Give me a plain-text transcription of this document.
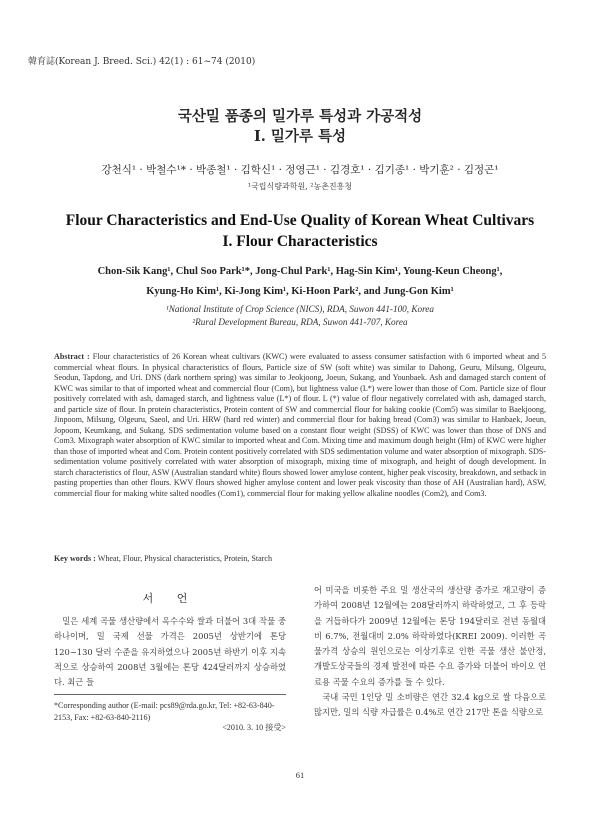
韓育誌(Korean J. Breed. Sci.) 42(1) : 61~74 (2010)
국산밀 품종의 밀가루 특성과 가공적성
I. 밀가루 특성
강천식¹ · 박철수¹* · 박종철¹ · 김학신¹ · 정영근¹ · 김경호¹ · 김기종¹ · 박기훈² · 김정곤¹
¹국립식량과학원, ²농촌진흥청
Flour Characteristics and End-Use Quality of Korean Wheat Cultivars
I. Flour Characteristics
Chon-Sik Kang¹, Chul Soo Park¹*, Jong-Chul Park¹, Hag-Sin Kim¹, Young-Keun Cheong¹,
Kyung-Ho Kim¹, Ki-Jong Kim¹, Ki-Hoon Park², and Jung-Gon Kim¹
¹National Institute of Crop Science (NICS), RDA, Suwon 441-100, Korea
²Rural Development Bureau, RDA, Suwon 441-707, Korea
Abstract : Flour characteristics of 26 Korean wheat cultivars (KWC) were evaluated to assess consumer satisfaction with 6 imported wheat and 5 commercial wheat flours. In physical characteristics of flours, Particle size of SW (soft white) was similar to Dahong, Geuru, Milsung, Olgeuru, Seodun, Tapdong, and Uri. DNS (dark northern spring) was similar to Jeokjoong, Joeun, Sukang, and Younbaek. Ash and damaged starch content of KWC was similar to that of imported wheat and commercial flour (Com), but lightness value (L*) were lower than those of Com. Particle size of flour positively correlated with ash, damaged starch, and lightness value (L*) of flour. L (*) value of flour negatively correlated with ash, damaged starch, and particle size of flour. In protein characteristics, Protein content of SW and commercial flour for baking cookie (Com5) was similar to Baekjoong, Jinpoom, Milsung, Olgeuru, Saeol, and Uri. HRW (hard red winter) and commercial flour for baking bread (Com3) was similar to Hanbaek, Joeun, Jopoom, Keumkang, and Sukang. SDS sedimentation volume based on a constant flour weight (SDSS) of KWC was lower than those of DNS and Com3. Mixograph water absorption of KWC similar to imported wheat and Com. Mixing time and maximum dough height (Hm) of KWC were higher than those of imported wheat and Com. Protein content positively correlated with SDS sedimentation volume and water absorption of mixograph. SDS-sedimentation volume positively correlated with water absorption of mixograph, mixing time of mixograph, and height of dough development. In starch characteristics of flour, ASW (Australian standard white) flours showed lower amylose content, higher peak viscosity, breakdown, and setback in pasting properties than other flours. KWV flours showed higher amylose content and lower peak viscosity than those of AH (Australian hard), ASW, commercial flour for making white salted noodles (Com1), commercial flour for making yellow alkaline noodles (Com2), and Com3.
Key words : Wheat, Flour, Physical characteristics, Protein, Starch
서 언
밀은 세계 곡물 생산량에서 옥수수와 쌀과 더불어 3대 작물 중 하나이며, 밀 국제 선물 가격은 2005년 상반기에 톤당 120~130 달러 수준을 유지하였으나 2005년 하반기 이후 지속적으로 상승하여 2008년 3월에는 톤당 424달러까지 상승하였다. 최근 들

어 미국을 비롯한 주요 밀 생산국의 생산량 증가로 재고량이 증가하여 2008년 12월에는 208달러까지 하락하였고, 그 후 등락을 거듭하다가 2009년 12월에는 톤당 194달러로 전년 동월대비 6.7%, 전월대비 2.0% 하락하였다(KREI 2009). 이러한 곡물가격 상승의 원인으로는 이상기후로 인한 곡물 생산 불안정, 개발도상국들의 경제 발전에 따른 수요 증가와 더불어 바이오 연료용 곡물 수요의 증가를 들 수 있다.

국내 국민 1인당 밀 소비량은 연간 32.4 kg으로 쌀 다음으로 많지만, 밀의 식량 자급률은 0.4%로 연간 217만 톤을 식량으로

*Corresponding author (E-mail: pcs89@rda.go.kr, Tel: +82-63-840-2153, Fax: +82-63-840-2116)
<2010. 3. 10 接受>
61
